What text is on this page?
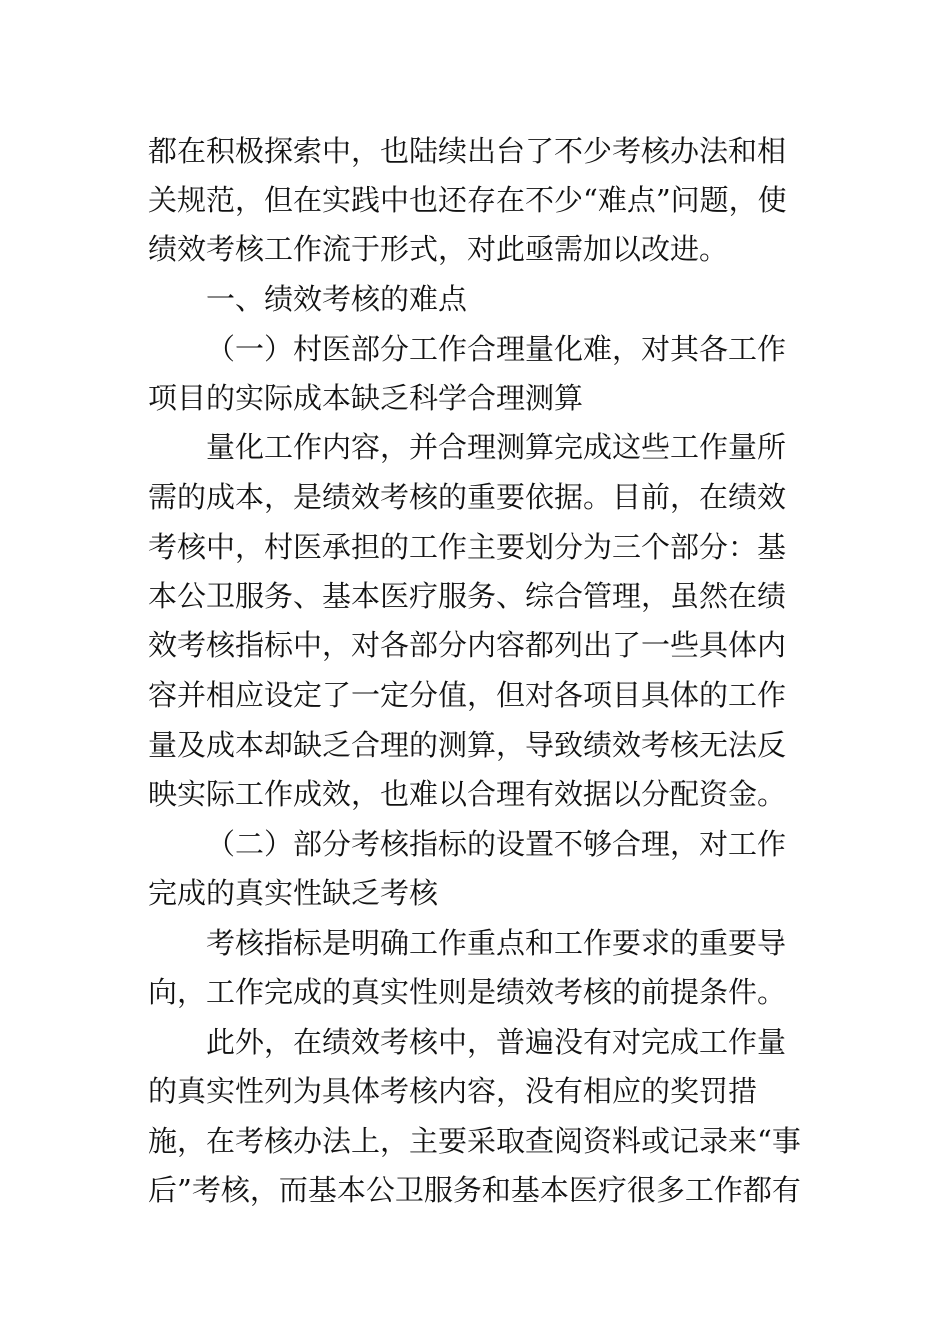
都在积极探索中，也陆续出台了不少考核办法和相
关规范，但在实践中也还存在不少“难点”问题，使
绩效考核工作流于形式，对此亟需加以改进。
一、绩效考核的难点
（一）村医部分工作合理量化难，对其各工作
项目的实际成本缺乏科学合理测算
量化工作内容，并合理测算完成这些工作量所
需的成本，是绩效考核的重要依据。目前，在绩效
考核中，村医承担的工作主要划分为三个部分：基
本公卫服务、基本医疗服务、综合管理，虽然在绩
效考核指标中，对各部分内容都列出了一些具体内
容并相应设定了一定分值，但对各项目具体的工作
量及成本却缺乏合理的测算，导致绩效考核无法反
映实际工作成效，也难以合理有效据以分配资金。
（二）部分考核指标的设置不够合理，对工作
完成的真实性缺乏考核
考核指标是明确工作重点和工作要求的重要导
向，工作完成的真实性则是绩效考核的前提条件。
此外，在绩效考核中，普遍没有对完成工作量
的真实性列为具体考核内容，没有相应的奖罚措
施，在考核办法上，主要采取查阅资料或记录来“事
后”考核，而基本公卫服务和基本医疗很多工作都有
